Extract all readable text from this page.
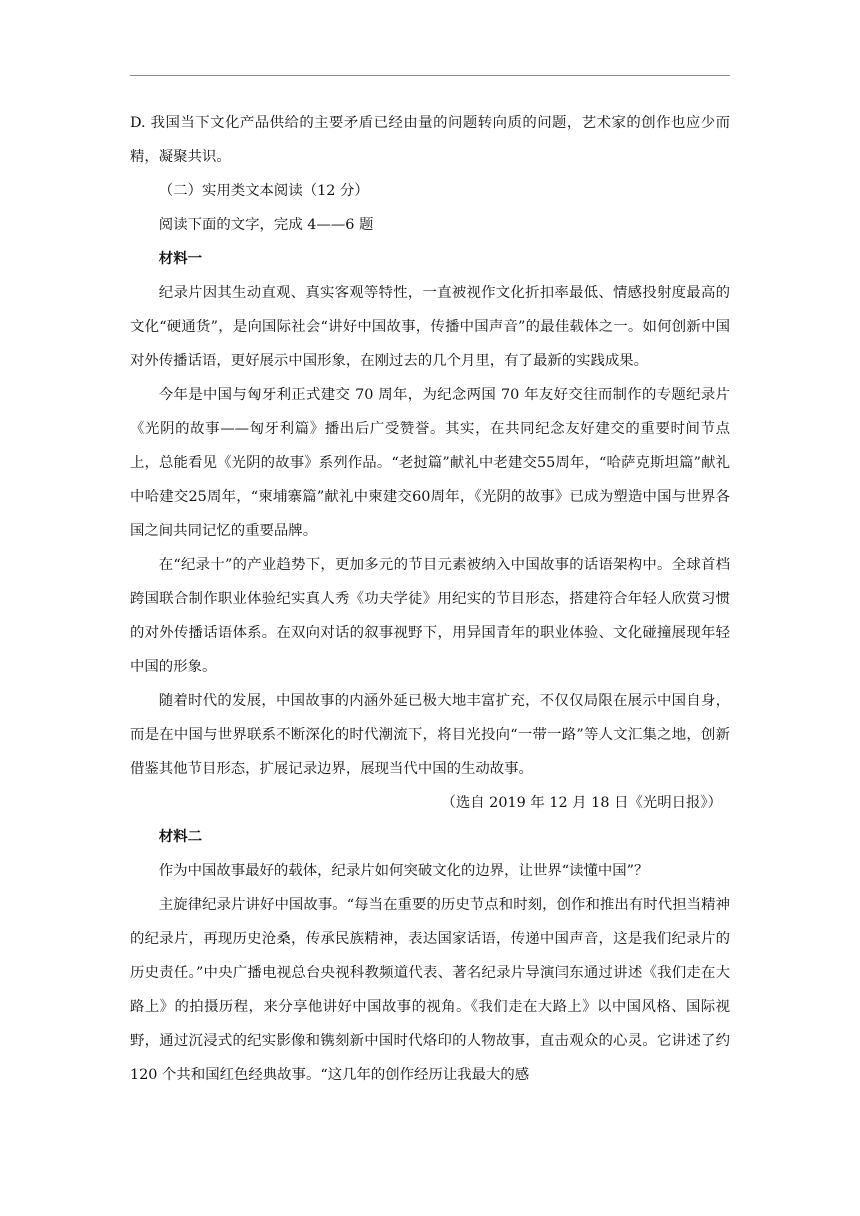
D. 我国当下文化产品供给的主要矛盾已经由量的问题转向质的问题，艺术家的创作也应少而精，凝聚共识。

（二）实用类文本阅读（12 分）

阅读下面的文字，完成 4——6 题

材料一

纪录片因其生动直观、真实客观等特性，一直被视作文化折扣率最低、情感投射度最高的文化“硬通货”，是向国际社会“讲好中国故事，传播中国声音”的最佳载体之一。如何创新中国对外传播话语，更好展示中国形象，在刚过去的几个月里，有了最新的实践成果。

今年是中国与匈牙利正式建交 70 周年，为纪念两国 70 年友好交往而制作的专题纪录片《光阴的故事——匈牙利篇》播出后广受赞誉。其实，在共同纪念友好建交的重要时间节点上，总能看见《光阴的故事》系列作品。“老挝篇”献礼中老建交55周年，“哈萨克斯坦篇”献礼中哈建交25周年，“柬埔寨篇”献礼中柬建交60周年，《光阴的故事》已成为塑造中国与世界各国之间共同记忆的重要品牌。

在“纪录十”的产业趋势下，更加多元的节目元素被纳入中国故事的话语架构中。全球首档跨国联合制作职业体验纪实真人秀《功夫学徒》用纪实的节目形态，搭建符合年轻人欣赏习惯的对外传播话语体系。在双向对话的叙事视野下，用异国青年的职业体验、文化碰撞展现年轻中国的形象。

随着时代的发展，中国故事的内涵外延已极大地丰富扩充，不仅仅局限在展示中国自身，而是在中国与世界联系不断深化的时代潮流下，将目光投向“一带一路”等人文汇集之地，创新借鉴其他节目形态，扩展记录边界，展现当代中国的生动故事。

（选自 2019 年 12 月 18 日《光明日报》）

材料二

作为中国故事最好的载体，纪录片如何突破文化的边界，让世界“读懂中国”？

主旋律纪录片讲好中国故事。“每当在重要的历史节点和时刻，创作和推出有时代担当精神的纪录片，再现历史沧桑，传承民族精神，表达国家话语，传递中国声音，这是我们纪录片的历史责任。”中央广播电视总台央视科教频道代表、著名纪录片导演闫东通过讲述《我们走在大路上》的拍摄历程，来分享他讲好中国故事的视角。《我们走在大路上》以中国风格、国际视野，通过沉浸式的纪实影像和镌刻新中国时代烙印的人物故事，直击观众的心灵。它讲述了约 120 个共和国红色经典故事。“这几年的创作经历让我最大的感
